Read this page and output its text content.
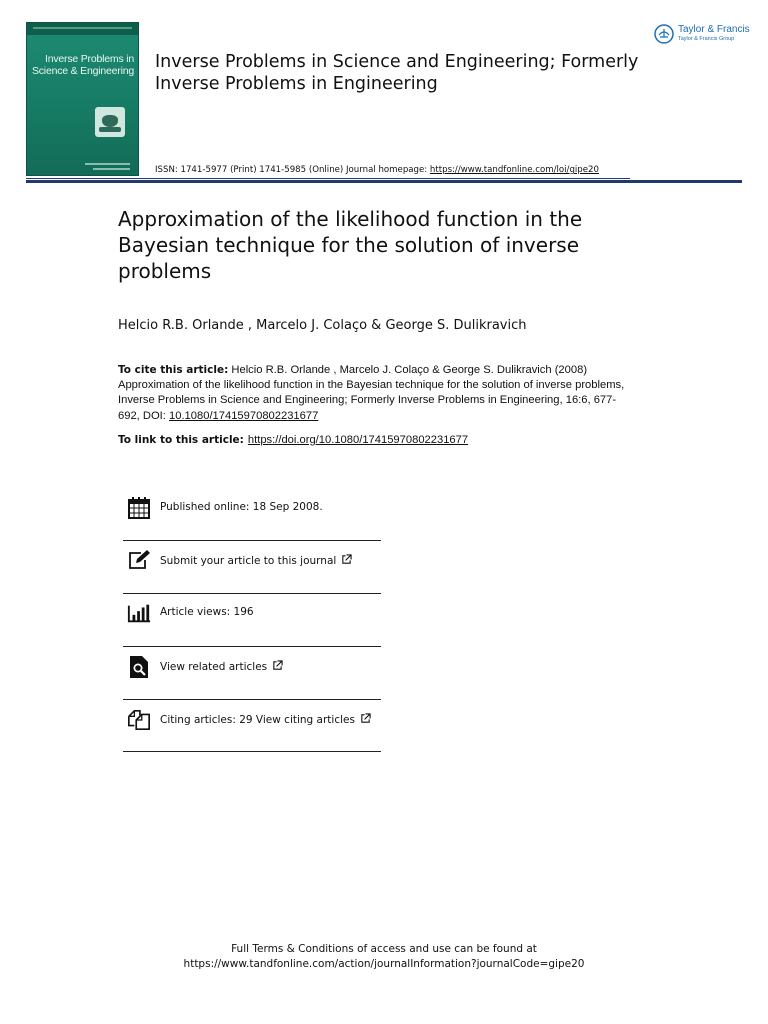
Inverse Problems in Science & Engineering Inverse Problems in Science and Engineering; Formerly Inverse Problems in Engineering
ISSN: 1741-5977 (Print) 1741-5985 (Online) Journal homepage: https://www.tandfonline.com/loi/gipe20
Taylor & Francis
Taylor & Francis Group
Approximation of the likelihood function in the Bayesian technique for the solution of inverse problems
Helcio R.B. Orlande , Marcelo J. Colaço & George S. Dulikravich
To cite this article: Helcio R.B. Orlande , Marcelo J. Colaço & George S. Dulikravich (2008) Approximation of the likelihood function in the Bayesian technique for the solution of inverse problems, Inverse Problems in Science and Engineering; Formerly Inverse Problems in Engineering, 16:6, 677-692, DOI: 10.1080/17415970802231677
To link to this article: https://doi.org/10.1080/17415970802231677
Published online: 18 Sep 2008.
Submit your article to this journal
Article views: 196
View related articles
Citing articles: 29 View citing articles
Full Terms & Conditions of access and use can be found at
https://www.tandfonline.com/action/journalInformation?journalCode=gipe20
